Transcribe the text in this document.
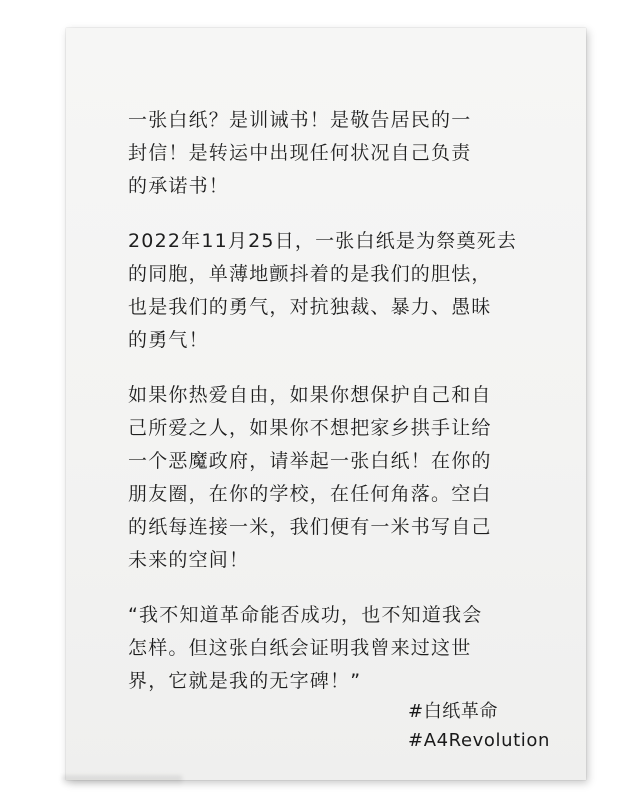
一张白纸？是训诫书！是敬告居民的一
封信！是转运中出现任何状况自己负责
的承诺书！

2022年11月25日，一张白纸是为祭奠死去
的同胞，单薄地颤抖着的是我们的胆怯，
也是我们的勇气，对抗独裁、暴力、愚昧
的勇气！

如果你热爱自由，如果你想保护自己和自
己所爱之人，如果你不想把家乡拱手让给
一个恶魔政府，请举起一张白纸！在你的
朋友圈，在你的学校，在任何角落。空白
的纸每连接一米，我们便有一米书写自己
未来的空间！

“我不知道革命能否成功，也不知道我会
怎样。但这张白纸会证明我曾来过这世
界，它就是我的无字碑！”

#白纸革命
#A4Revolution
